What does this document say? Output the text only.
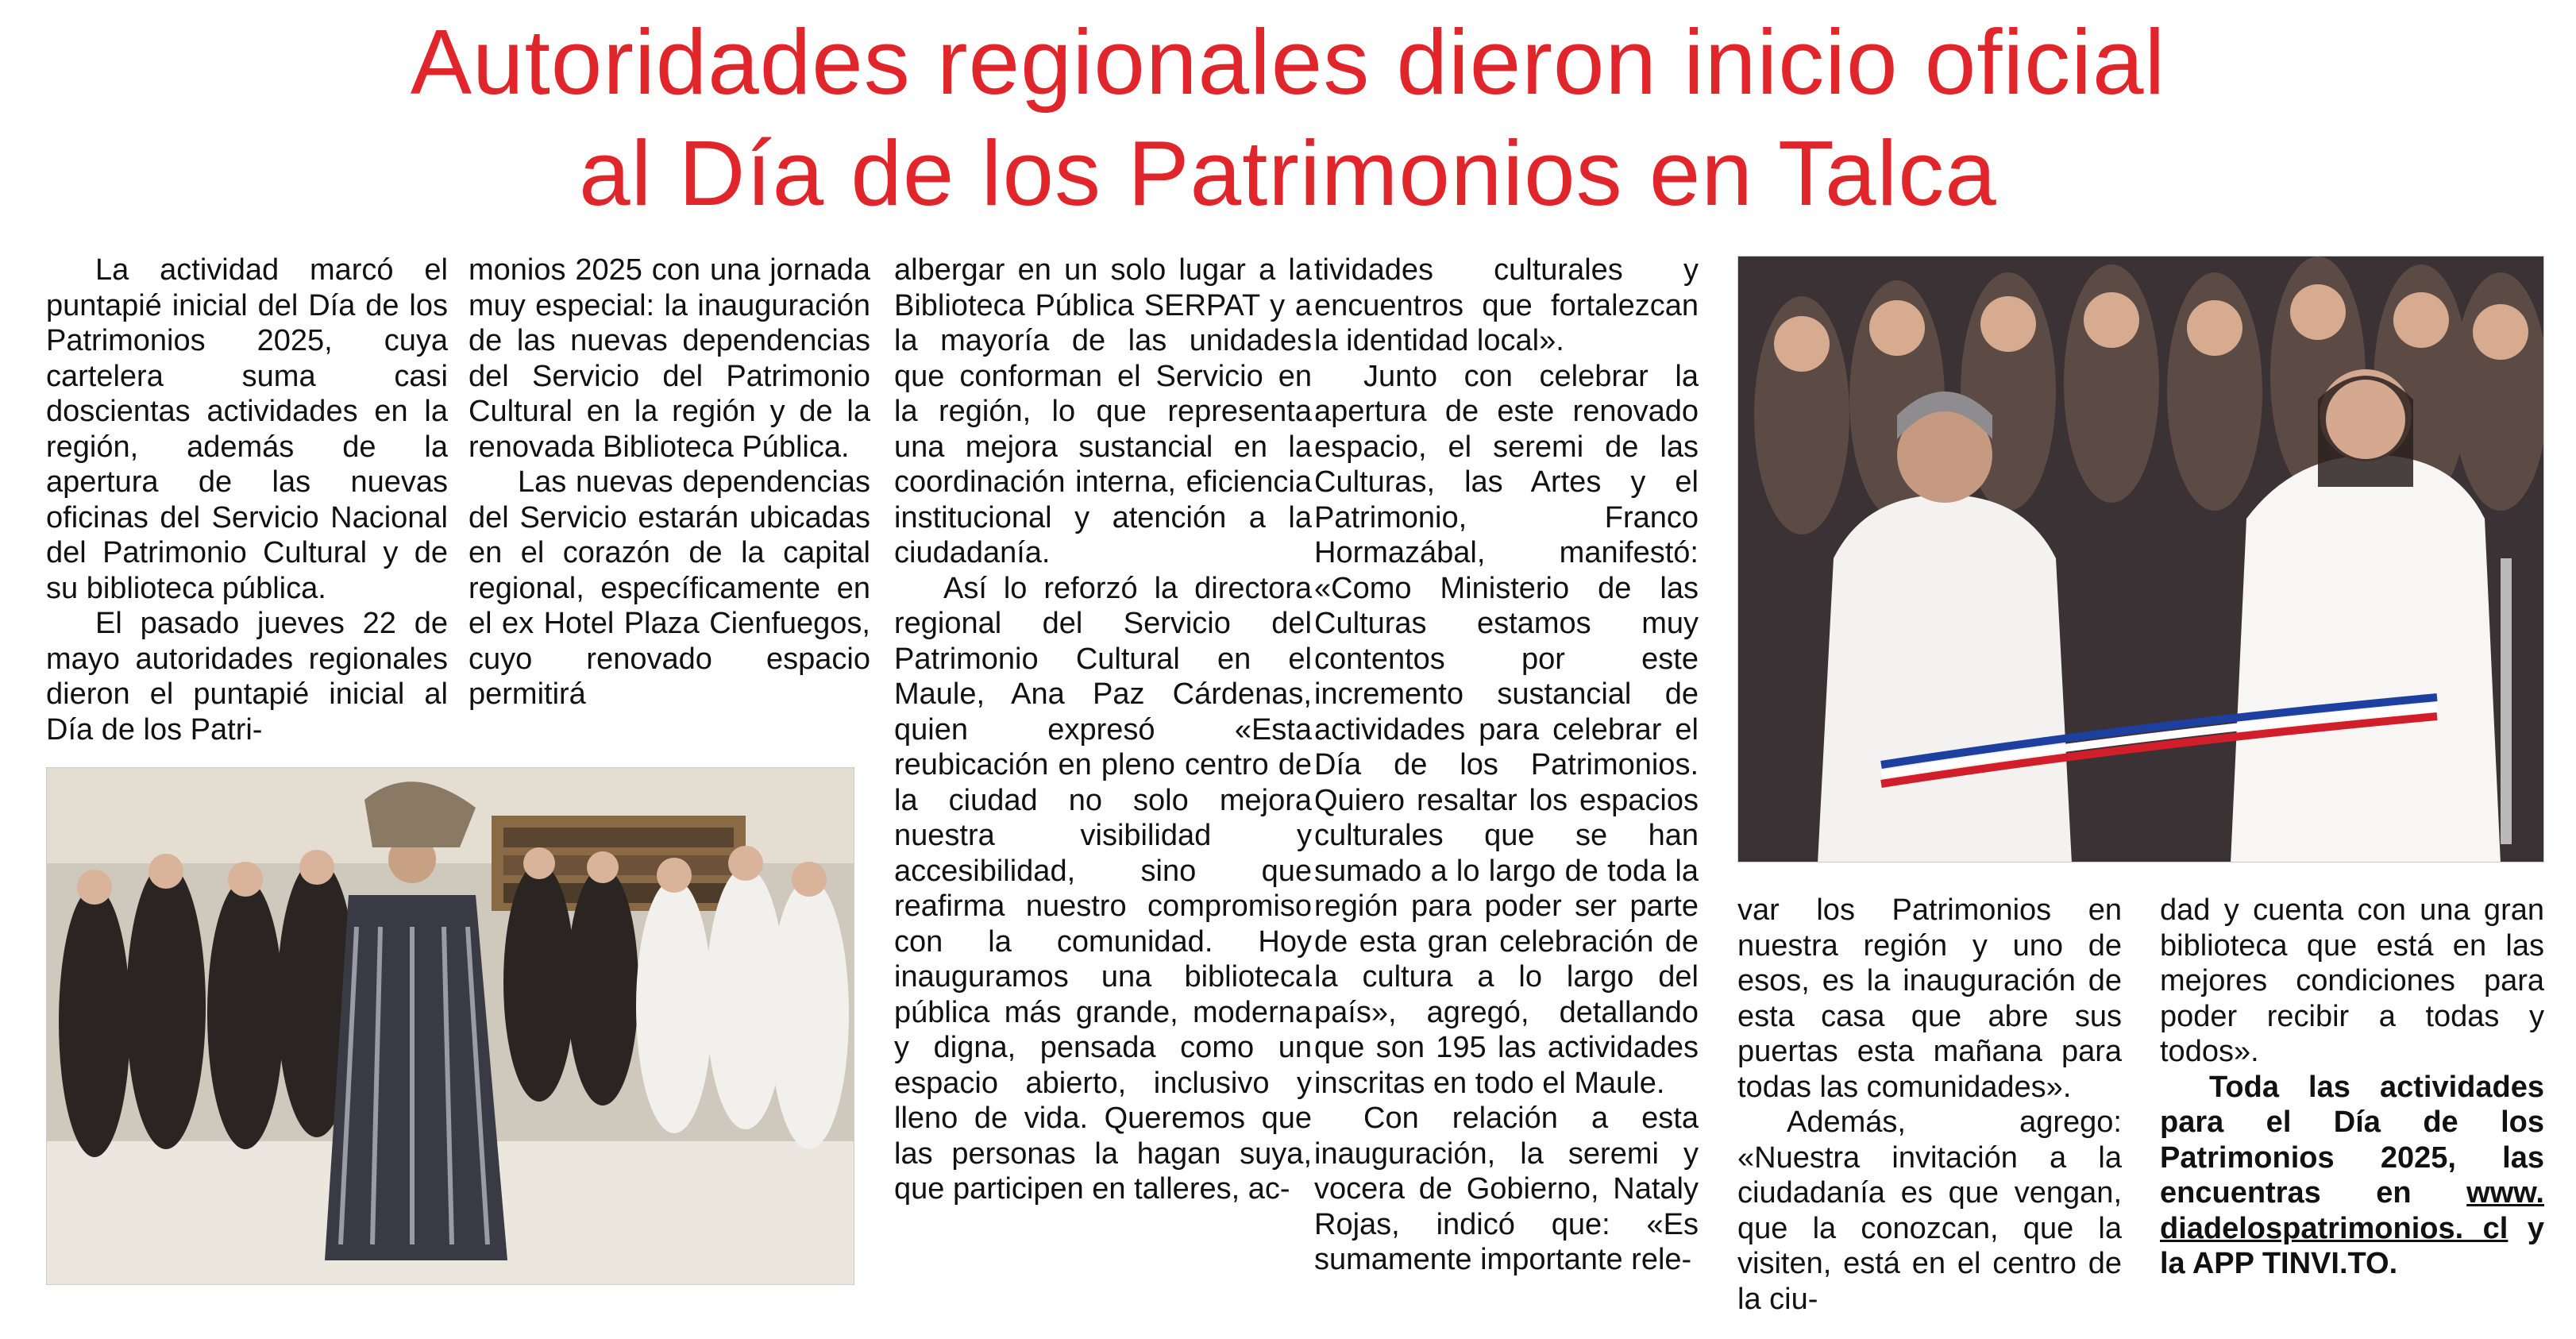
Autoridades regionales dieron inicio oficial
al Día de los Patrimonios en Talca

La actividad marcó el puntapié inicial del Día de los Patrimonios 2025, cuya cartelera suma casi doscientas actividades en la región, además de la apertura de las nuevas oficinas del Servicio Nacional del Patrimonio Cultural y de su biblioteca pública.

El pasado jueves 22 de mayo autoridades regionales dieron el puntapié inicial al Día de los Patri-

monios 2025 con una jornada muy especial: la inauguración de las nuevas dependencias del Servicio del Patrimonio Cultural en la región y de la renovada Biblioteca Pública.

Las nuevas dependencias del Servicio estarán ubicadas en el corazón de la capital regional, específicamente en el ex Hotel Plaza Cienfuegos, cuyo renovado espacio permitirá

albergar en un solo lugar a la Biblioteca Pública SERPAT y a la mayoría de las unidades que conforman el Servicio en la región, lo que representa una mejora sustancial en la coordinación interna, eficiencia institucional y atención a la ciudadanía.

Así lo reforzó la directora regional del Servicio del Patrimonio Cultural en el Maule, Ana Paz Cárdenas, quien expresó «Esta reubicación en pleno centro de la ciudad no solo mejora nuestra visibilidad y accesibilidad, sino que reafirma nuestro compromiso con la comunidad. Hoy inauguramos una biblioteca pública más grande, moderna y digna, pensada como un espacio abierto, inclusivo y lleno de vida. Queremos que las personas la hagan suya, que participen en talleres, ac-

tividades culturales y encuentros que fortalezcan la identidad local».

Junto con celebrar la apertura de este renovado espacio, el seremi de las Culturas, las Artes y el Patrimonio, Franco Hormazábal, manifestó: «Como Ministerio de las Culturas estamos muy contentos por este incremento sustancial de actividades para celebrar el Día de los Patrimonios. Quiero resaltar los espacios culturales que se han sumado a lo largo de toda la región para poder ser parte de esta gran celebración de la cultura a lo largo del país», agregó, detallando que son 195 las actividades inscritas en todo el Maule.

Con relación a esta inauguración, la seremi y vocera de Gobierno, Nataly Rojas, indicó que: «Es sumamente importante rele-

var los Patrimonios en nuestra región y uno de esos, es la inauguración de esta casa que abre sus puertas esta mañana para todas las comunidades».

Además, agrego: «Nuestra invitación a la ciudadanía es que vengan, que la conozcan, que la visiten, está en el centro de la ciu-

dad y cuenta con una gran biblioteca que está en las mejores condiciones para poder recibir a todas y todos».

Toda las actividades para el Día de los Patrimonios 2025, las encuentras en www. diadelospatrimonios. cl y la APP TINVI.TO.
